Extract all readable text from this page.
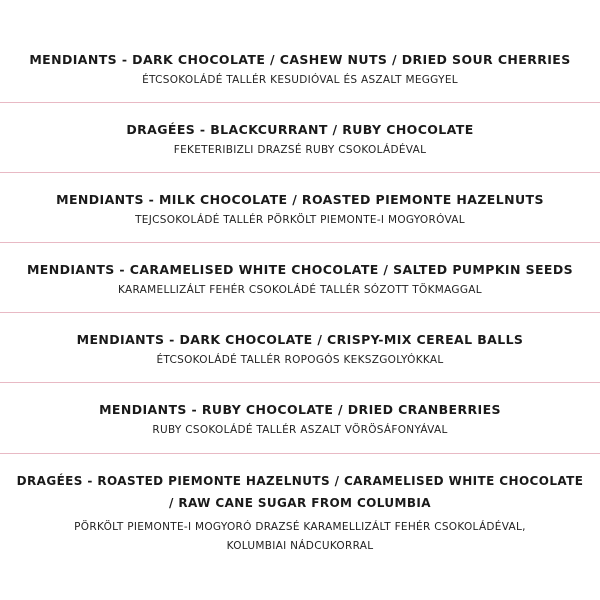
MENDIANTS - DARK CHOCOLATE / CASHEW NUTS / DRIED SOUR CHERRIES
ÉTCSOKOLÁDÉ TALLÉR KESUDIÓVAL ÉS ASZALT MEGGYEL
DRAGÉES - BLACKCURRANT / RUBY CHOCOLATE
FEKETERIBIZLI DRAZSÉ RUBY CSOKOLÁDÉVAL
MENDIANTS - MILK CHOCOLATE / ROASTED PIEMONTE HAZELNUTS
TEJCSOKOLÁDÉ TALLÉR PÖRKÖLT PIEMONTE-I MOGYORÓVAL
MENDIANTS - CARAMELISED WHITE CHOCOLATE / SALTED PUMPKIN SEEDS
KARAMELLIZÁLT FEHÉR CSOKOLÁDÉ TALLÉR SÓZOTT TÖKMAGGAL
MENDIANTS - DARK CHOCOLATE / CRISPY-MIX CEREAL BALLS
ÉTCSOKOLÁDÉ TALLÉR ROPOGÓS KEKSZGOLYÓKKAL
MENDIANTS - RUBY CHOCOLATE / DRIED CRANBERRIES
RUBY CSOKOLÁDÉ TALLÉR ASZALT VÖRÖSÁFONYÁVAL
DRAGÉES - ROASTED PIEMONTE HAZELNUTS / CARAMELISED WHITE CHOCOLATE
/ RAW CANE SUGAR FROM COLUMBIA
PÖRKÖLT PIEMONTE-I MOGYORÓ DRAZSÉ KARAMELLIZÁLT FEHÉR CSOKOLÁDÉVAL,
KOLUMBIAI NÁDCUKORRAL
